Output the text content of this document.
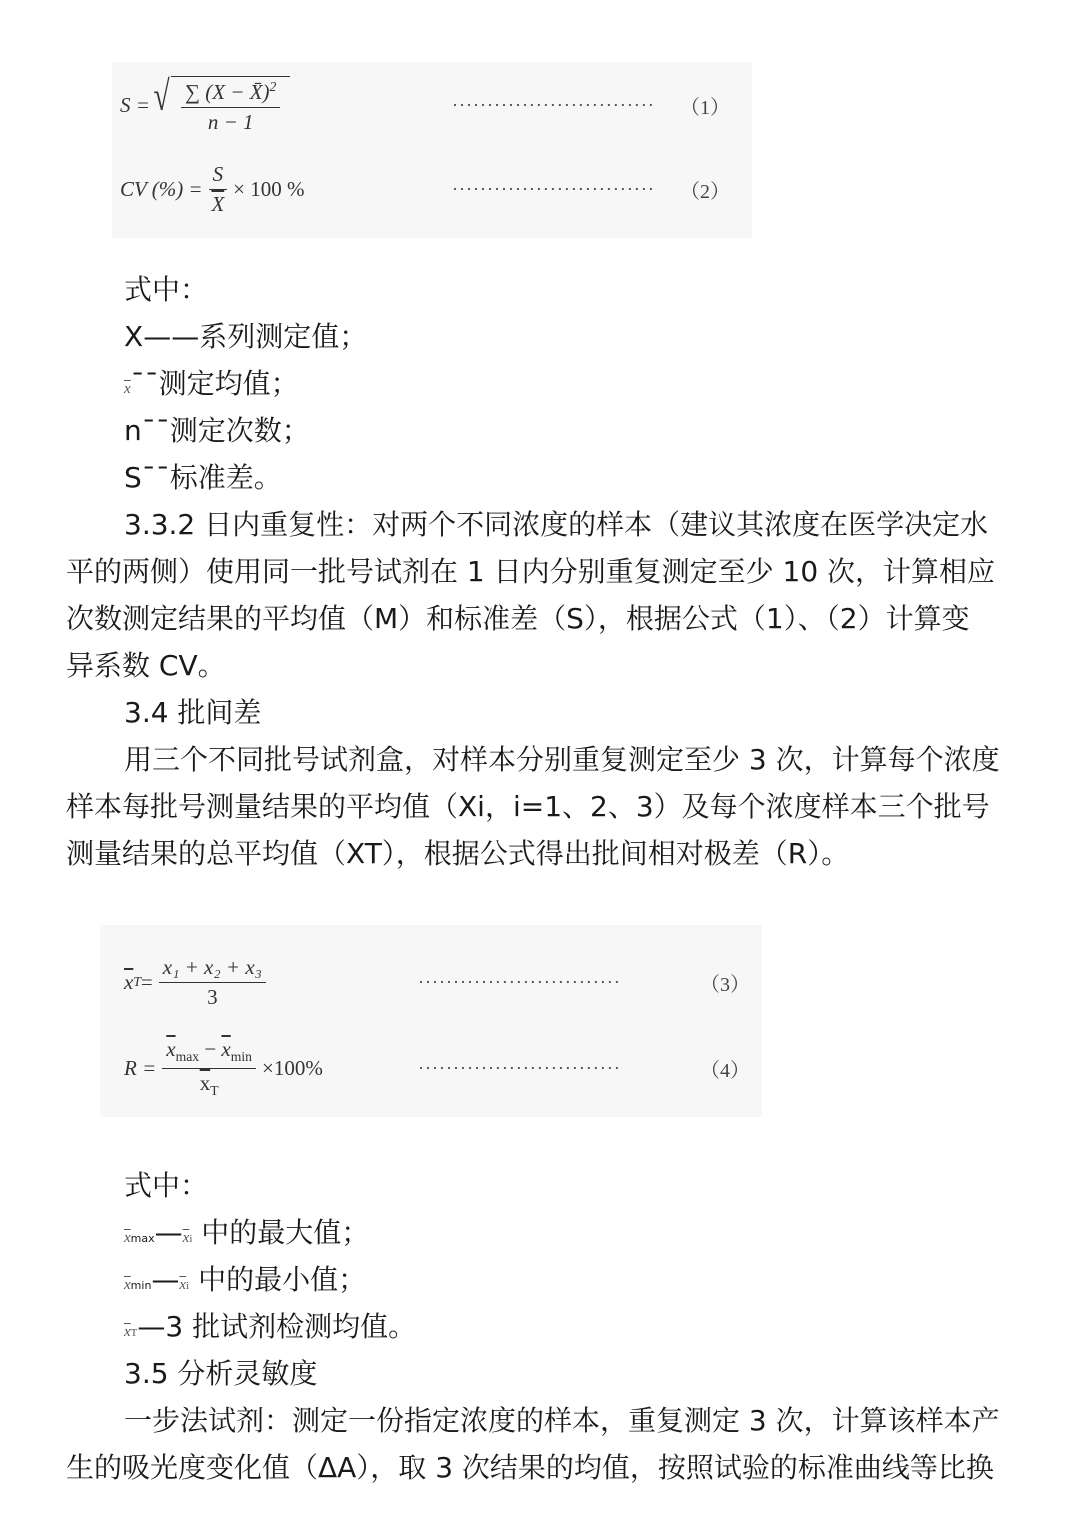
S = √ $\frac{\sum (X - X̄)^2}{n - 1}$	····························· （1）
CV (%) = $\frac{S}{X} \times 100$ %	····························· （2）
式中：
X——系列测定值；
$\overline{x}¯¯$测定均值；
n¯¯测定次数；
S¯¯标准差。
3.3.2 日内重复性：对两个不同浓度的样本（建议其浓度在医学决定水
平的两侧）使用同一批号试剂在 1 日内分别重复测定至少 10 次，计算相应
次数测定结果的平均值（M）和标准差（S），根据公式（1）、（2）计算变
异系数 CV。
3.4 批间差
用三个不同批号试剂盒，对样本分别重复测定至少 3 次，计算每个浓度
样本每批号测量结果的平均值（Xi，i=1、2、3）及每个浓度样本三个批号
测量结果的总平均值（XT），根据公式得出批间相对极差（R）。
$\overline{x}$ $T = \frac{\text{x₁ + x₂ + x₃}}{3}$	·····························	（3）
$R = \frac{\overline{x}_{max} - \overline{x}_{min}}{\overline{x}_T} \times 100\%$	·····························	（4）
式中：
$\overline{x}\max—\overline{x}i$ 中的最大值；
$\overline{x}\min—\overline{x}i$ 中的最小值；
$\overline{x}T—3$ 批试剂检测均值。
3.5 分析灵敏度
一步法试剂：测定一份指定浓度的样本，重复测定 3 次，计算该样本产
生的吸光度变化值（ΔA），取 3 次结果的均值，按照试验的标准曲线等比换
